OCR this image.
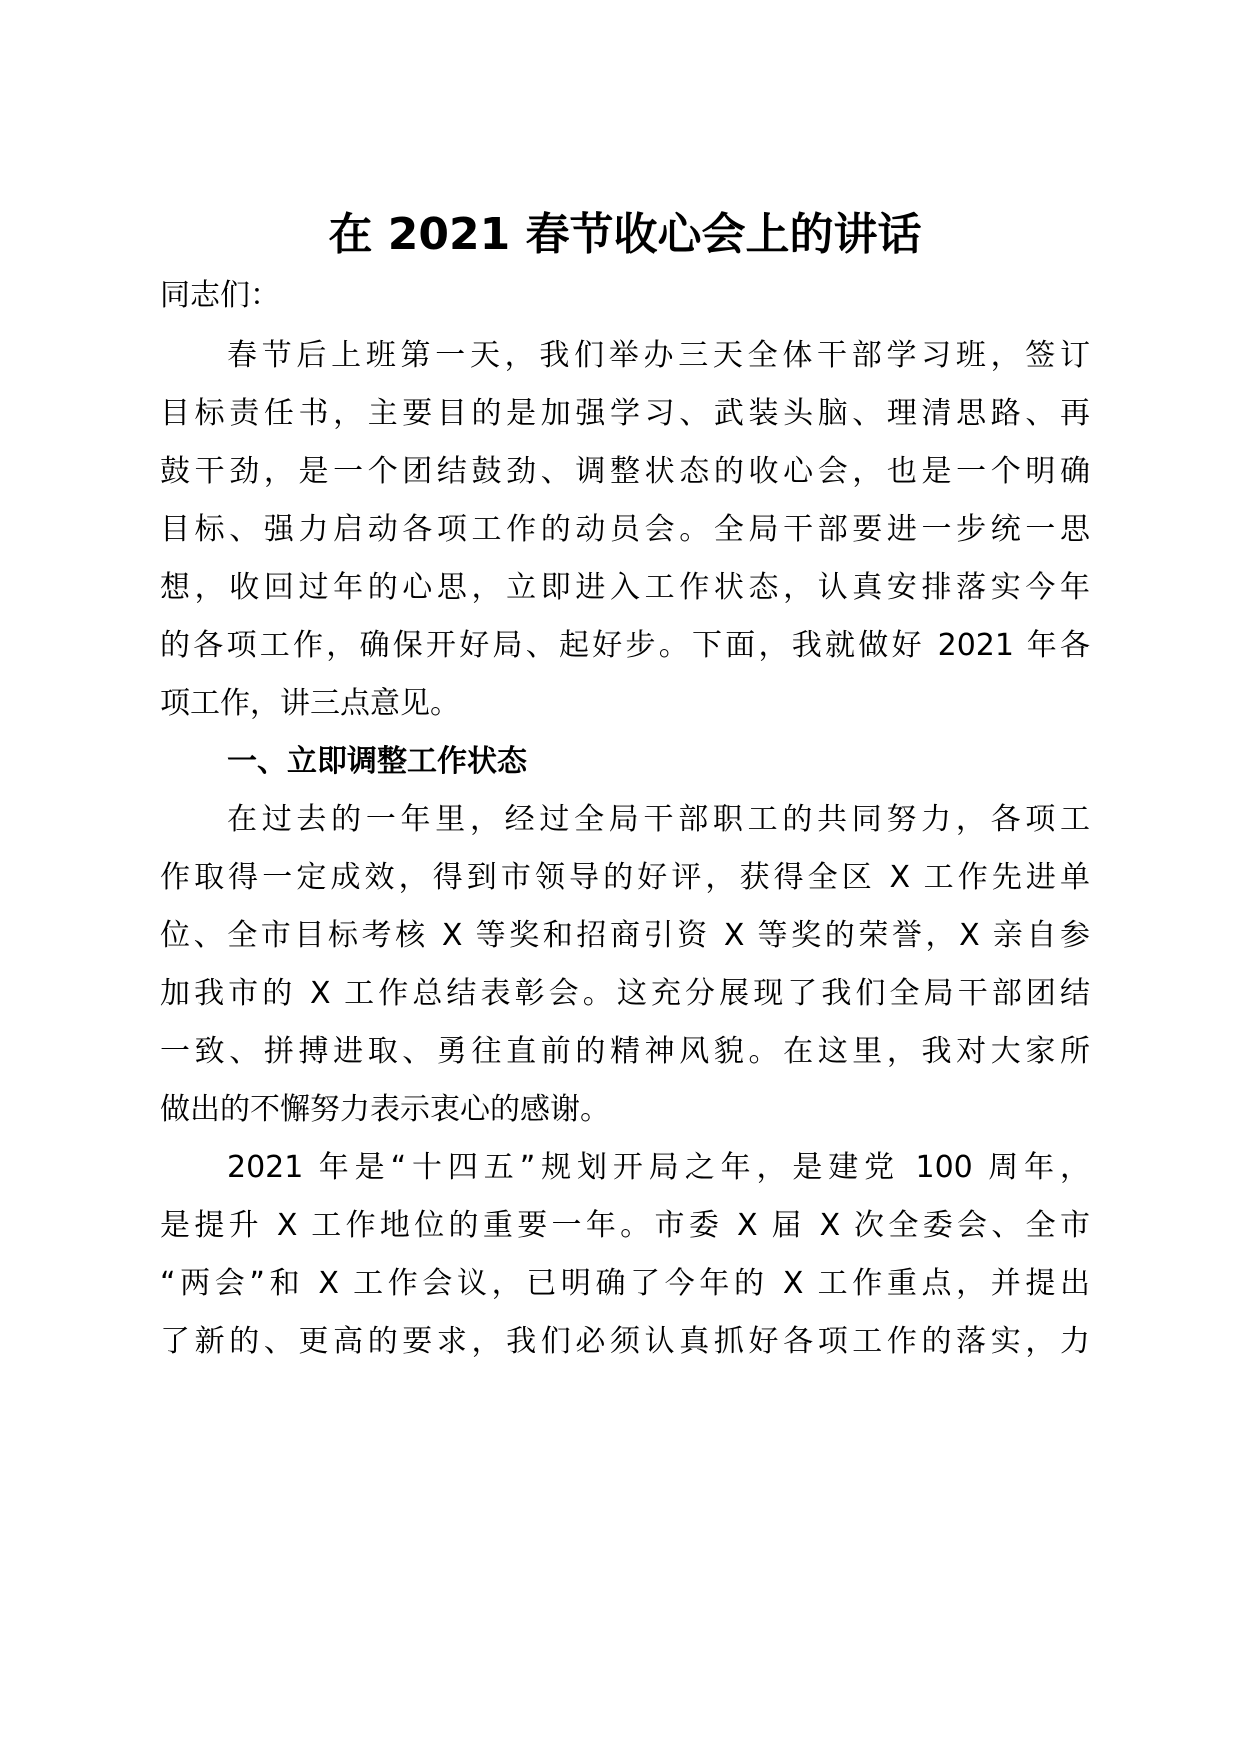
在 2021 春节收心会上的讲话
同志们：
春节后上班第一天，我们举办三天全体干部学习班，签订
目标责任书，主要目的是加强学习、武装头脑、理清思路、再
鼓干劲，是一个团结鼓劲、调整状态的收心会，也是一个明确
目标、强力启动各项工作的动员会。全局干部要进一步统一思
想，收回过年的心思，立即进入工作状态，认真安排落实今年
的各项工作，确保开好局、起好步。下面，我就做好 2021 年各
项工作，讲三点意见。
一、立即调整工作状态
在过去的一年里，经过全局干部职工的共同努力，各项工
作取得一定成效，得到市领导的好评，获得全区 X 工作先进单
位、全市目标考核 X 等奖和招商引资 X 等奖的荣誉，X 亲自参
加我市的 X 工作总结表彰会。这充分展现了我们全局干部团结
一致、拼搏进取、勇往直前的精神风貌。在这里，我对大家所
做出的不懈努力表示衷心的感谢。
2021 年是“十四五”规划开局之年，是建党 100 周年，
是提升 X 工作地位的重要一年。市委 X 届 X 次全委会、全市
“两会”和 X 工作会议，已明确了今年的 X 工作重点，并提出
了新的、更高的要求，我们必须认真抓好各项工作的落实，力
